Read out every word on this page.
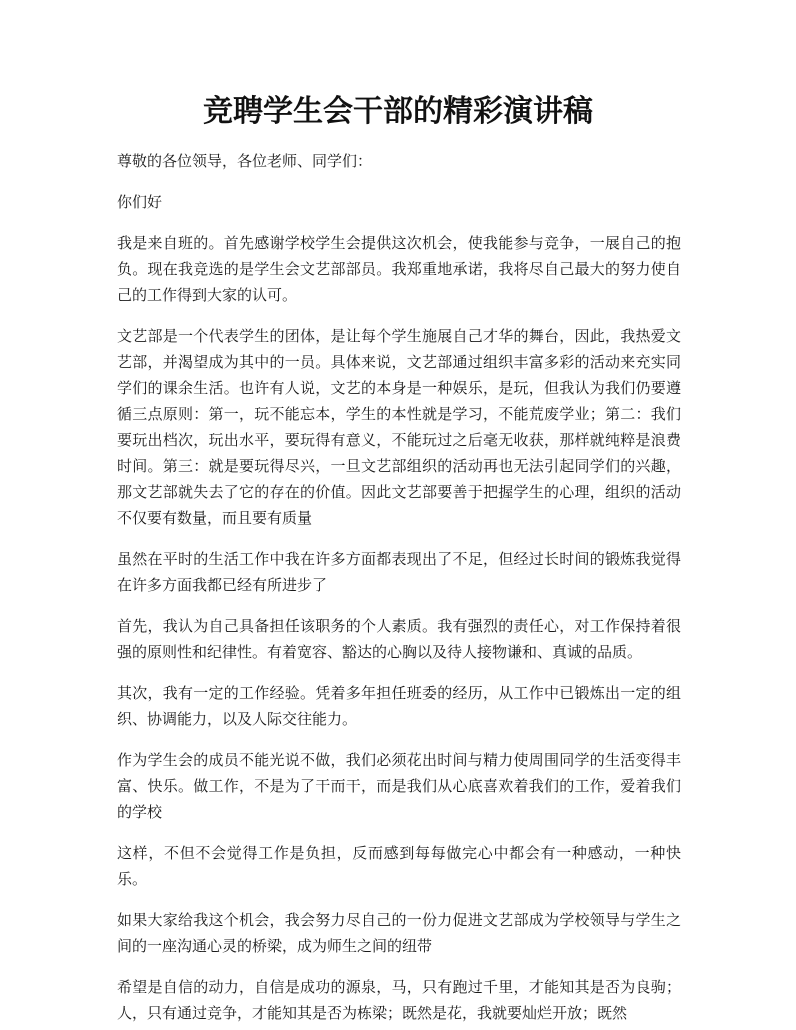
竞聘学生会干部的精彩演讲稿

尊敬的各位领导，各位老师、同学们：

你们好

我是来自班的。首先感谢学校学生会提供这次机会，使我能参与竞争，一展自己的抱负。现在我竞选的是学生会文艺部部员。我郑重地承诺，我将尽自己最大的努力使自己的工作得到大家的认可。

文艺部是一个代表学生的团体，是让每个学生施展自己才华的舞台，因此，我热爱文艺部，并渴望成为其中的一员。具体来说，文艺部通过组织丰富多彩的活动来充实同学们的课余生活。也许有人说，文艺的本身是一种娱乐，是玩，但我认为我们仍要遵循三点原则：第一，玩不能忘本，学生的本性就是学习，不能荒废学业；第二：我们要玩出档次，玩出水平，要玩得有意义，不能玩过之后毫无收获，那样就纯粹是浪费时间。第三：就是要玩得尽兴，一旦文艺部组织的活动再也无法引起同学们的兴趣，那文艺部就失去了它的存在的价值。因此文艺部要善于把握学生的心理，组织的活动不仅要有数量，而且要有质量

虽然在平时的生活工作中我在许多方面都表现出了不足，但经过长时间的锻炼我觉得在许多方面我都已经有所进步了

首先，我认为自己具备担任该职务的个人素质。我有强烈的责任心，对工作保持着很强的原则性和纪律性。有着宽容、豁达的心胸以及待人接物谦和、真诚的品质。

其次，我有一定的工作经验。凭着多年担任班委的经历，从工作中已锻炼出一定的组织、协调能力，以及人际交往能力。

作为学生会的成员不能光说不做，我们必须花出时间与精力使周围同学的生活变得丰富、快乐。做工作，不是为了干而干，而是我们从心底喜欢着我们的工作，爱着我们的学校

这样，不但不会觉得工作是负担，反而感到每每做完心中都会有一种感动，一种快乐。

如果大家给我这个机会，我会努力尽自己的一份力促进文艺部成为学校领导与学生之间的一座沟通心灵的桥梁，成为师生之间的纽带

希望是自信的动力，自信是成功的源泉，马，只有跑过千里，才能知其是否为良驹；人，只有通过竞争，才能知其是否为栋梁；既然是花，我就要灿烂开放；既然
